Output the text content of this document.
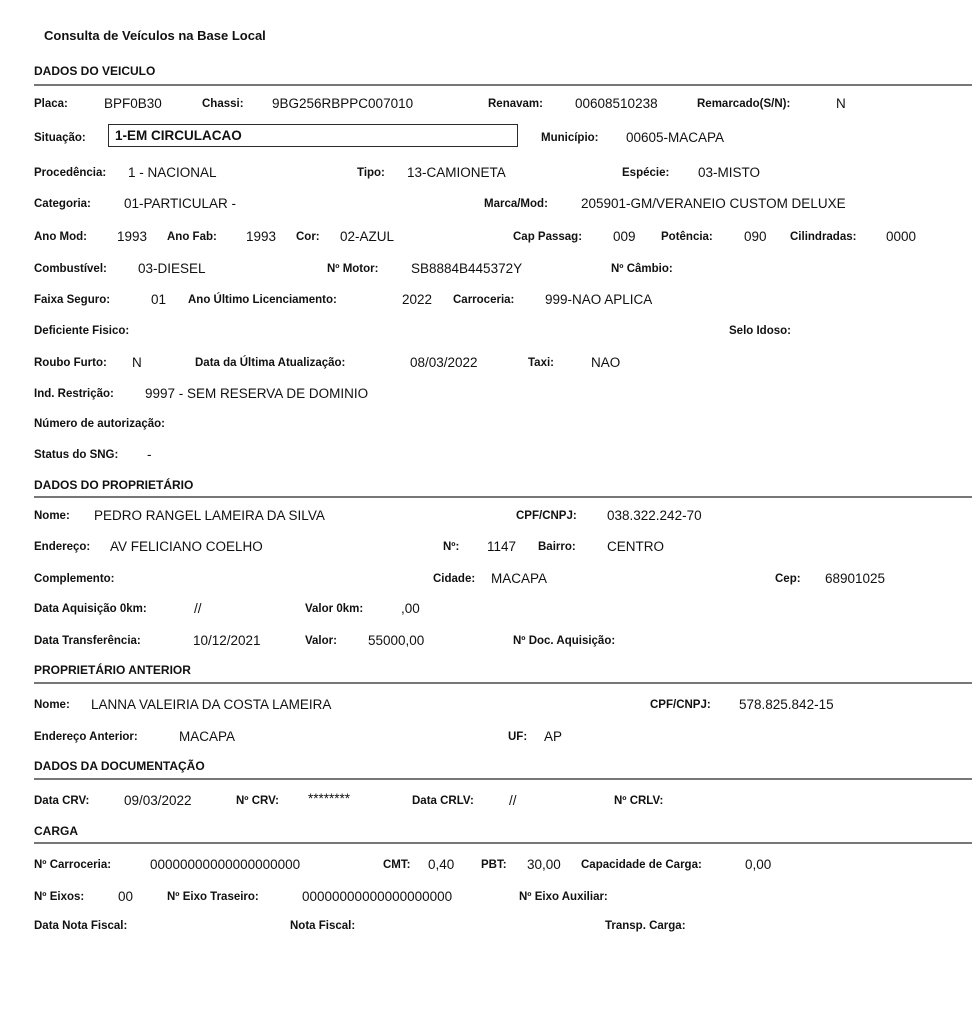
Consulta de Veículos na Base Local
DADOS DO VEICULO
Placa:	BPF0B30	Chassi: 9BG256RBPPC007010	Renavam: 00608510238	Remarcado(S/N):	N
Situação:	1-EM CIRCULACAO	Município: 00605-MACAPA
Procedência: 1 - NACIONAL	Tipo: 13-CAMIONETA	Espécie: 03-MISTO
Categoria: 01-PARTICULAR -	Marca/Mod: 205901-GM/VERANEIO CUSTOM DELUXE
Ano Mod: 1993 Ano Fab: 1993 Cor: 02-AZUL	Cap Passag: 009 Potência: 090 Cilindradas: 0000
Combustível: 03-DIESEL	Nº Motor: SB8884B445372Y	Nº Câmbio:
Faixa Seguro:	01 Ano Último Licenciamento:	2022 Carroceria: 999-NAO APLICA
Deficiente Fisico:	Selo Idoso:
Roubo Furto: N	Data da Última Atualização:	08/03/2022	Taxi:	NAO
Ind. Restrição: 9997 - SEM RESERVA DE DOMINIO
Número de autorização:
Status do SNG: -
DADOS DO PROPRIETÁRIO
Nome: PEDRO RANGEL LAMEIRA DA SILVA	CPF/CNPJ: 038.322.242-70
Endereço: AV FELICIANO COELHO	Nº: 1147 Bairro: CENTRO
Complemento:	Cidade: MACAPA	Cep: 68901025
Data Aquisição 0km:	//	Valor 0km:	,00
Data Transferência:	10/12/2021	Valor: 55000,00	Nº Doc. Aquisição:
PROPRIETÁRIO ANTERIOR
Nome: LANNA VALEIRIA DA COSTA LAMEIRA	CPF/CNPJ: 578.825.842-15
Endereço Anterior:	MACAPA	UF: AP
DADOS DA DOCUMENTAÇÃO
Data CRV:	09/03/2022	Nº CRV: ********	Data CRLV:	//	Nº CRLV:
CARGA
Nº Carroceria:	00000000000000000000	CMT: 0,40 PBT: 30,00 Capacidade de Carga:	0,00
Nº Eixos:	00	Nº Eixo Traseiro:	00000000000000000000	Nº Eixo Auxiliar:
Data Nota Fiscal:	Nota Fiscal:	Transp. Carga:
